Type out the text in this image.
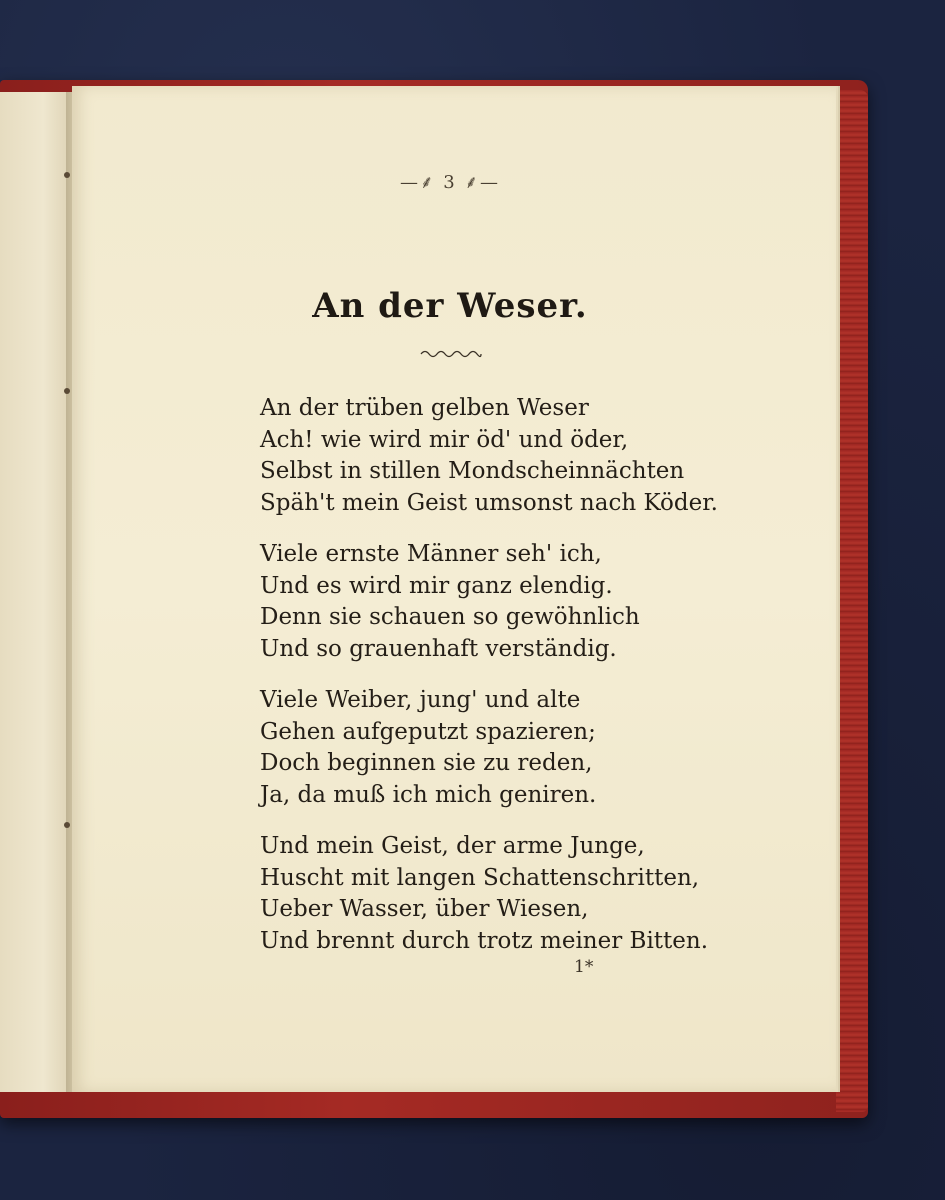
—⸙ 3 ⸙—
An der Weser.
An der trüben gelben Weser
Ach! wie wird mir öd' und öder,
Selbst in stillen Mondscheinnächten
Späh't mein Geist umsonst nach Köder.
Viele ernste Männer seh' ich,
Und es wird mir ganz elendig.
Denn sie schauen so gewöhnlich
Und so grauenhaft verständig.
Viele Weiber, jung' und alte
Gehen aufgeputzt spazieren;
Doch beginnen sie zu reden,
Ja, da muß ich mich geniren.
Und mein Geist, der arme Junge,
Huscht mit langen Schattenschritten,
Ueber Wasser, über Wiesen,
Und brennt durch trotz meiner Bitten.
1*
